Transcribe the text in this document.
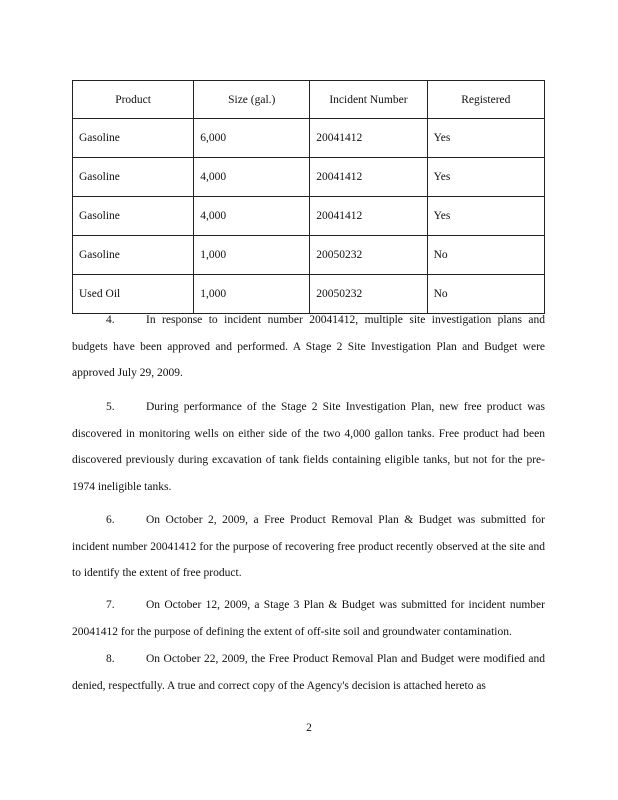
Product	Size (gal.)	Incident Number	Registered
Gasoline	6,000	20041412	Yes
Gasoline	4,000	20041412	Yes
Gasoline	4,000	20041412	Yes
Gasoline	1,000	20050232	No
Used Oil	1,000	20050232	No

4.	In response to incident number 20041412, multiple site investigation plans and budgets have been approved and performed. A Stage 2 Site Investigation Plan and Budget were approved July 29, 2009.

5.	During performance of the Stage 2 Site Investigation Plan, new free product was discovered in monitoring wells on either side of the two 4,000 gallon tanks. Free product had been discovered previously during excavation of tank fields containing eligible tanks, but not for the pre-1974 ineligible tanks.

6.	On October 2, 2009, a Free Product Removal Plan & Budget was submitted for incident number 20041412 for the purpose of recovering free product recently observed at the site and to identify the extent of free product.

7.	On October 12, 2009, a Stage 3 Plan & Budget was submitted for incident number 20041412 for the purpose of defining the extent of off-site soil and groundwater contamination.

8.	On October 22, 2009, the Free Product Removal Plan and Budget were modified and denied, respectfully. A true and correct copy of the Agency's decision is attached hereto as

2
